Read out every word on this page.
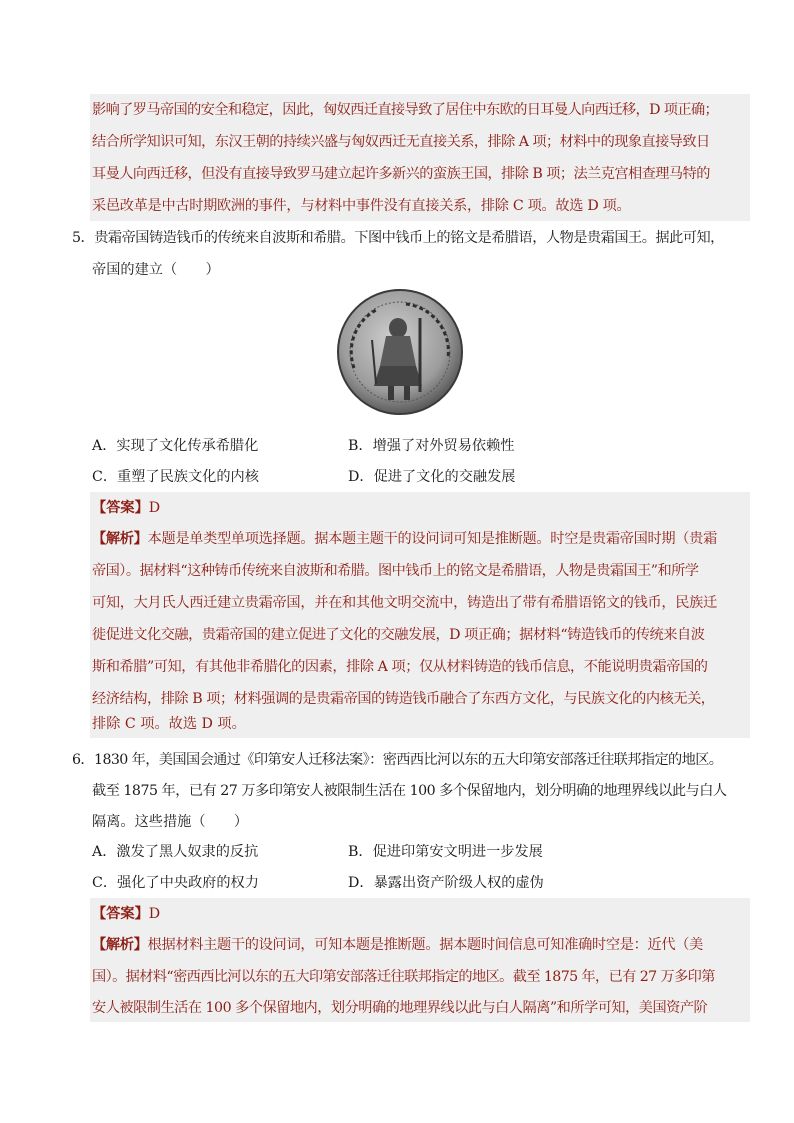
影响了罗马帝国的安全和稳定，因此，匈奴西迁直接导致了居住中东欧的日耳曼人向西迁移，D 项正确；
结合所学知识可知，东汉王朝的持续兴盛与匈奴西迁无直接关系，排除 A 项；材料中的现象直接导致日
耳曼人向西迁移，但没有直接导致罗马建立起许多新兴的蛮族王国，排除 B 项；法兰克宫相查理马特的
采邑改革是中古时期欧洲的事件，与材料中事件没有直接关系，排除 C 项。故选 D 项。
5．贵霜帝国铸造钱币的传统来自波斯和希腊。下图中钱币上的铭文是希腊语，人物是贵霜国王。据此可知，
帝国的建立（　　）
A．实现了文化传承希腊化	B．增强了对外贸易依赖性
C．重塑了民族文化的内核	D．促进了文化的交融发展
【答案】D
【解析】本题是单类型单项选择题。据本题主题干的设问词可知是推断题。时空是贵霜帝国时期（贵霜
帝国）。据材料“这种铸币传统来自波斯和希腊。图中钱币上的铭文是希腊语，人物是贵霜国王”和所学
可知，大月氏人西迁建立贵霜帝国，并在和其他文明交流中，铸造出了带有希腊语铭文的钱币，民族迁
徙促进文化交融，贵霜帝国的建立促进了文化的交融发展，D 项正确；据材料“铸造钱币的传统来自波
斯和希腊”可知，有其他非希腊化的因素，排除 A 项；仅从材料铸造的钱币信息，不能说明贵霜帝国的
经济结构，排除 B 项；材料强调的是贵霜帝国的铸造钱币融合了东西方文化，与民族文化的内核无关，
排除 C 项。故选 D 项。
6．1830 年，美国国会通过《印第安人迁移法案》：密西西比河以东的五大印第安部落迁往联邦指定的地区。
截至 1875 年，已有 27 万多印第安人被限制生活在 100 多个保留地内，划分明确的地理界线以此与白人
隔离。这些措施（　　）
A．激发了黑人奴隶的反抗	B．促进印第安文明进一步发展
C．强化了中央政府的权力	D．暴露出资产阶级人权的虚伪
【答案】D
【解析】根据材料主题干的设问词，可知本题是推断题。据本题时间信息可知准确时空是：近代（美
国）。据材料“密西西比河以东的五大印第安部落迁往联邦指定的地区。截至 1875 年，已有 27 万多印第
安人被限制生活在 100 多个保留地内，划分明确的地理界线以此与白人隔离”和所学可知，美国资产阶
